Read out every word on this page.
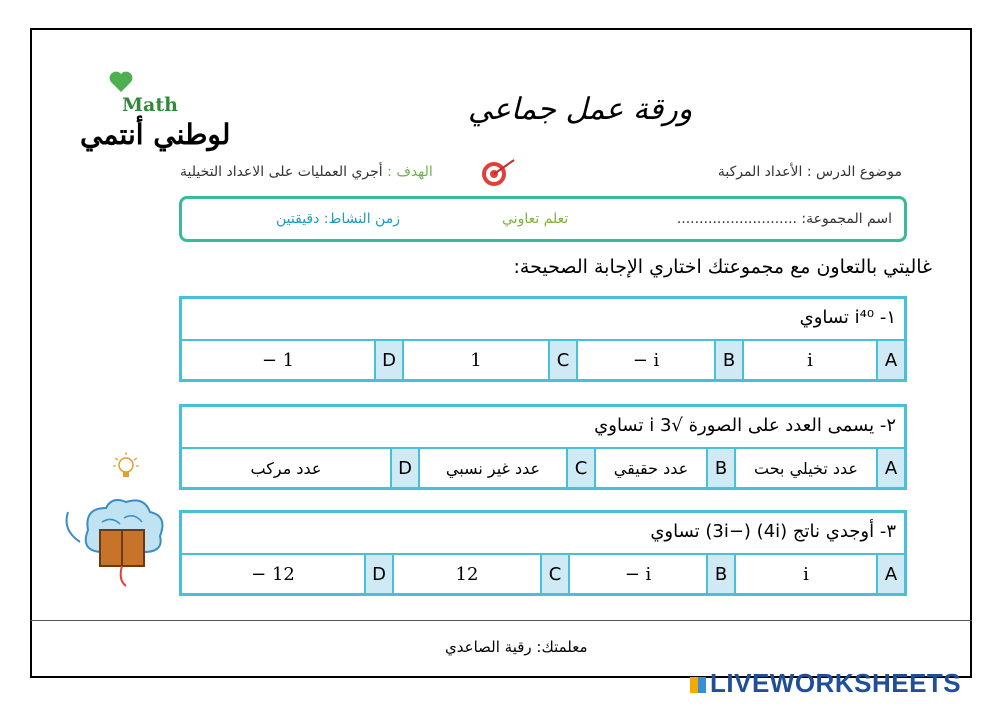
Math
لوطني أنتمي
ورقة عمل جماعي
موضوع الدرس : الأعداد المركبة
الهدف : أجري العمليات على الاعداد التخيلية
اسم المجموعة: ...........................
تعلم تعاوني
زمن النشاط: دقيقتين
غاليتي بالتعاون مع مجموعتك اختاري الإجابة الصحيحة:
١- i⁴⁰ تساوي
A
i
B
− i
C
1
D
− 1
٢- يسمى العدد على الصورة √3 i تساوي
A
عدد تخيلي بحت
B
عدد حقيقي
C
عدد غير نسبي
D
عدد مركب
٣- أوجدي ناتج (4i) (−3i) تساوي
A
i
B
− i
C
12
D
− 12
معلمتك: رقية الصاعدي
LIVEWORKSHEETS
